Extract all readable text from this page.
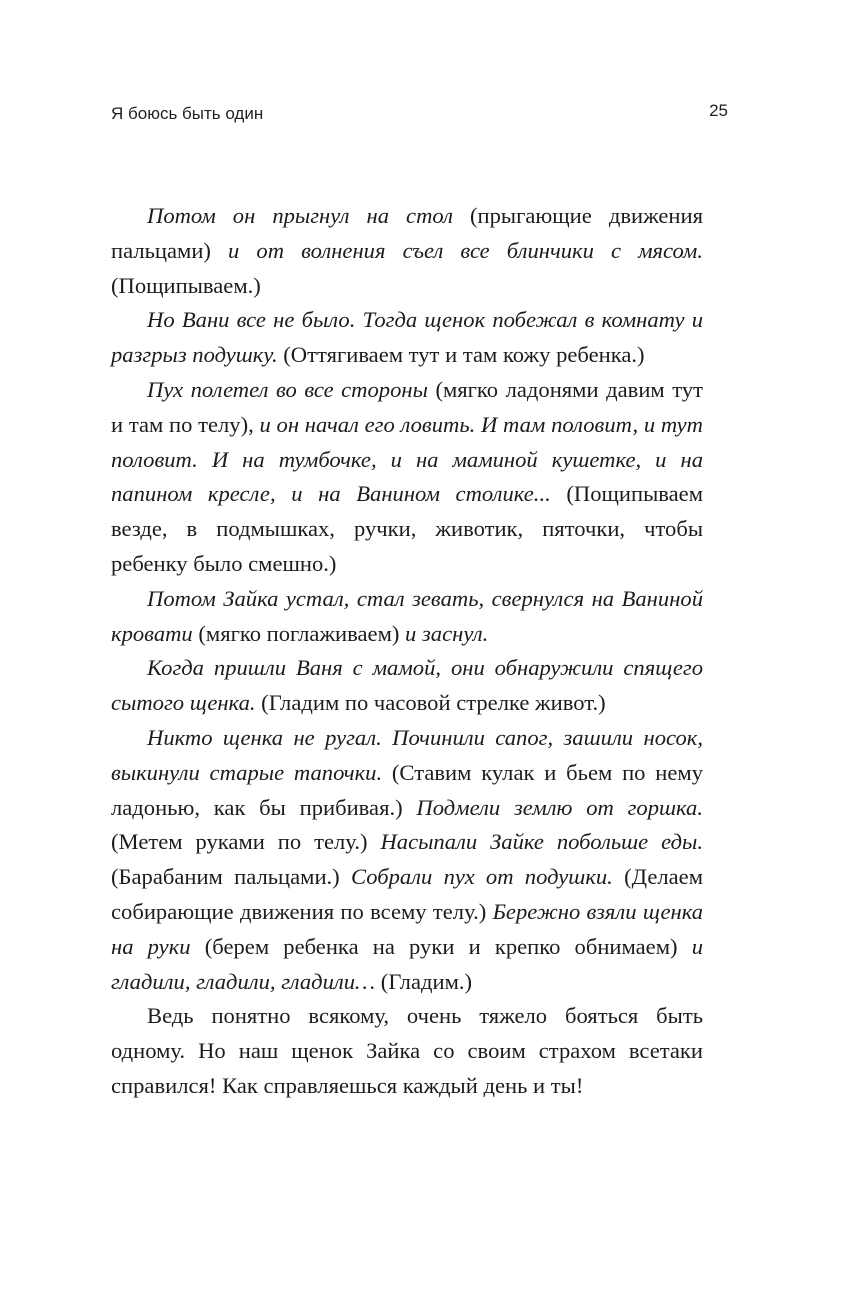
Я боюсь быть один	25

Потом он прыгнул на стол (прыгающие движения пальцами) и от волнения съел все блинчики с мясом. (Пощипываем.)

Но Вани все не было. Тогда щенок побежал в комнату и разгрыз подушку. (Оттягиваем тут и там кожу ребенка.)

Пух полетел во все стороны (мягко ладонями давим тут и там по телу), и он начал его ловить. И там половит, и тут половит. И на тумбочке, и на маминой кушетке, и на папином кресле, и на Ванином столике... (Пощипываем везде, в подмышках, ручки, животик, пяточки, чтобы ребенку было смешно.)

Потом Зайка устал, стал зевать, свернулся на Ваниной кровати (мягко поглаживаем) и заснул.

Когда пришли Ваня с мамой, они обнаружили спящего сытого щенка. (Гладим по часовой стрелке живот.)

Никто щенка не ругал. Починили сапог, зашили носок, выкинули старые тапочки. (Ставим кулак и бьем по нему ладонью, как бы прибивая.) Подмели землю от горшка. (Метем руками по телу.) Насыпали Зайке побольше еды. (Барабаним пальцами.) Собрали пух от подушки. (Делаем собирающие движения по всему телу.) Бережно взяли щенка на руки (берем ребенка на руки и крепко обнимаем) и гладили, гладили, гладили… (Гладим.)

Ведь понятно всякому, очень тяжело бояться быть одному. Но наш щенок Зайка со своим страхом всетаки справился! Как справляешься каждый день и ты!
